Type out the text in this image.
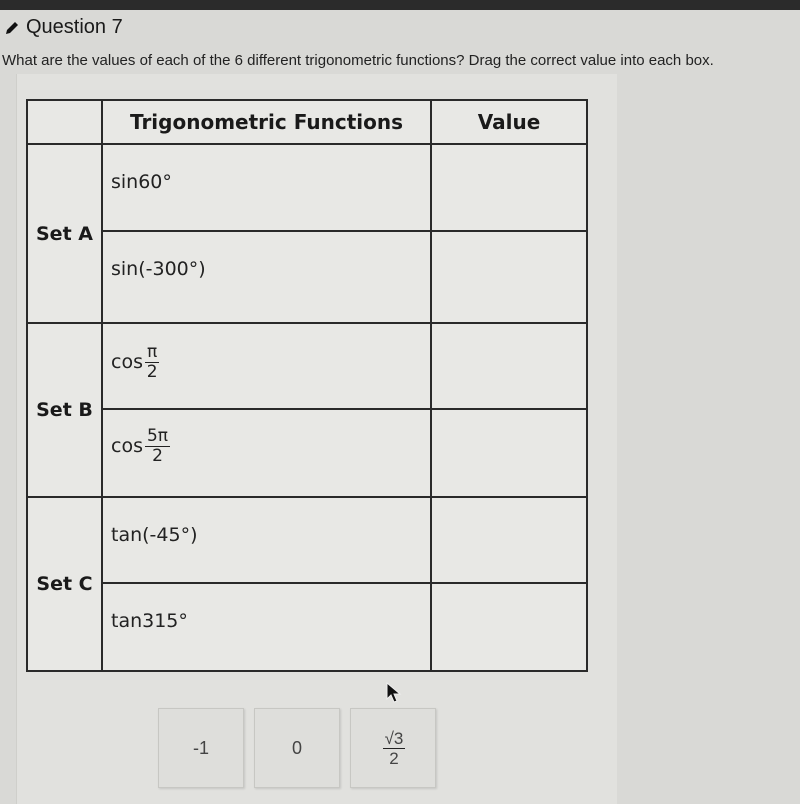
Question 7
What are the values of each of the 6 different trigonometric functions? Drag the correct value into each box.
	Trigonometric Functions	Value
Set A	sin60°	

	sin(-300°)	

Set B	$\cos \frac{\pi}{2}$

	$\cos \frac{5\pi}{2}$

Set C	tan(-45°)	

	tan315°	

-1	0	$\frac{√3}{2}$
